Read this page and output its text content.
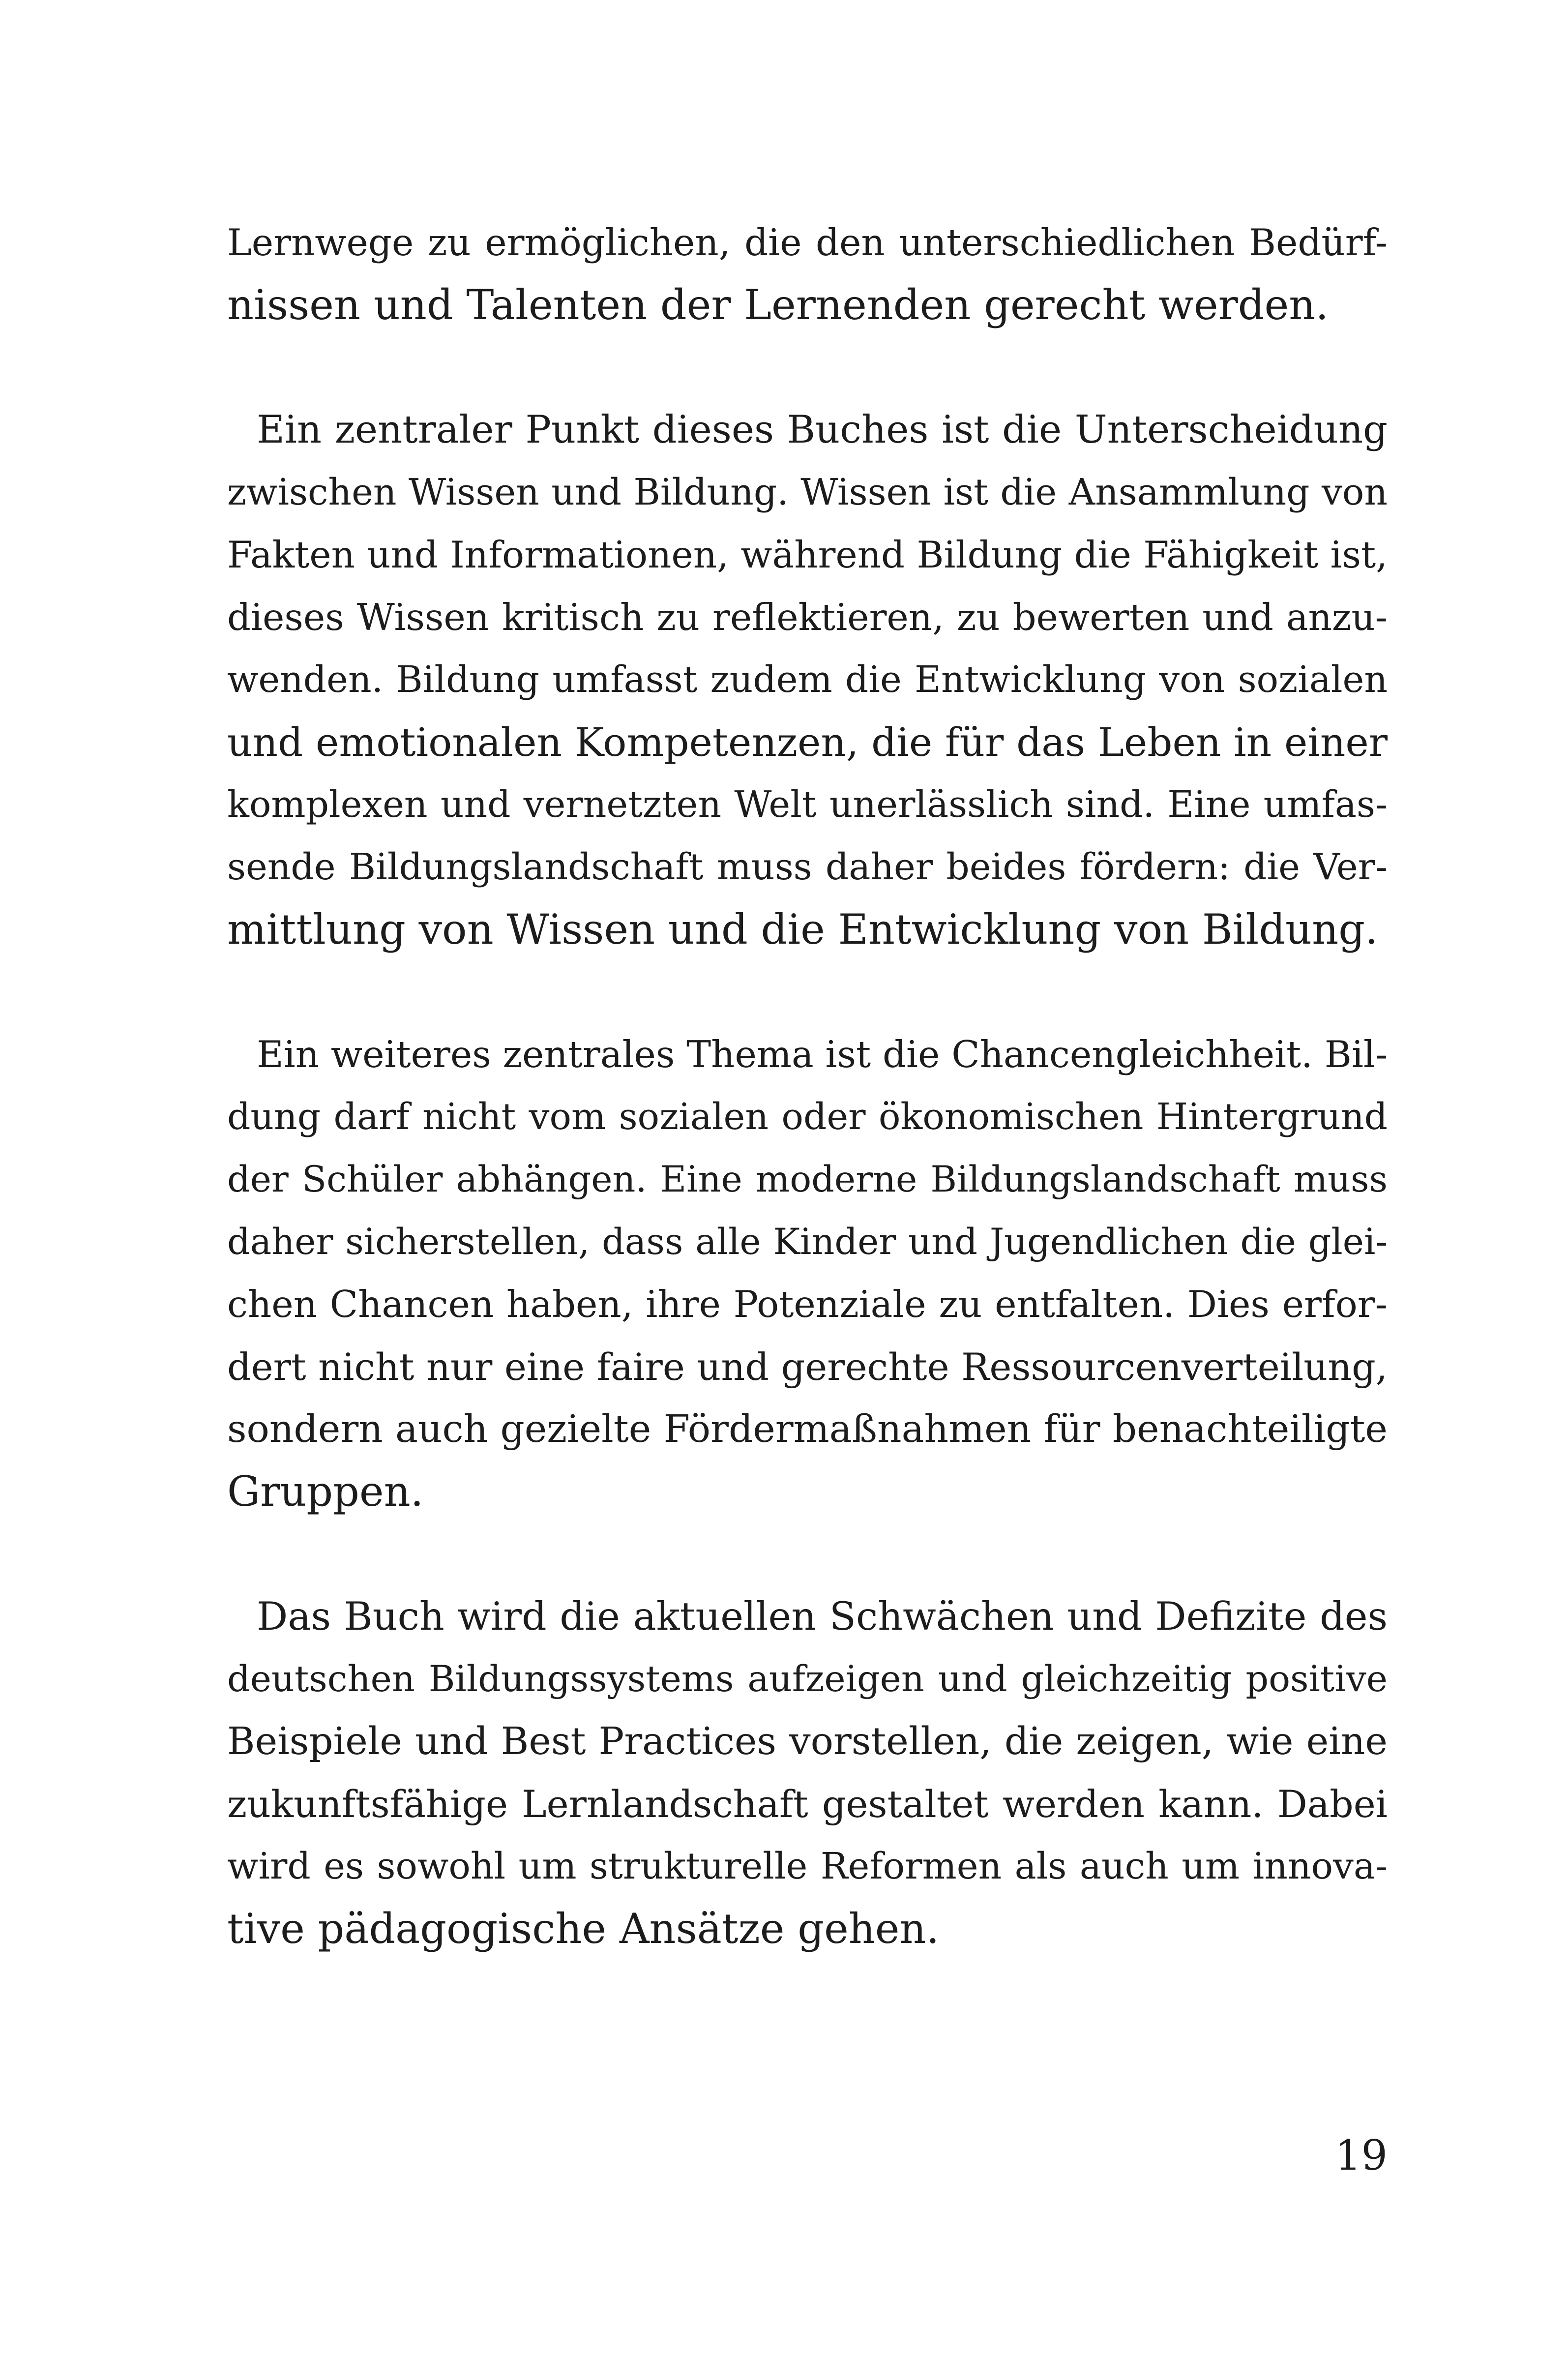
Lernwege zu ermöglichen, die den unterschiedlichen Bedürf-
nissen und Talenten der Lernenden gerecht werden.
Ein zentraler Punkt dieses Buches ist die Unterscheidung
zwischen Wissen und Bildung. Wissen ist die Ansammlung von
Fakten und Informationen, während Bildung die Fähigkeit ist,
dieses Wissen kritisch zu reflektieren, zu bewerten und anzu-
wenden. Bildung umfasst zudem die Entwicklung von sozialen
und emotionalen Kompetenzen, die für das Leben in einer
komplexen und vernetzten Welt unerlässlich sind. Eine umfas-
sende Bildungslandschaft muss daher beides fördern: die Ver-
mittlung von Wissen und die Entwicklung von Bildung.
Ein weiteres zentrales Thema ist die Chancengleichheit. Bil-
dung darf nicht vom sozialen oder ökonomischen Hintergrund
der Schüler abhängen. Eine moderne Bildungslandschaft muss
daher sicherstellen, dass alle Kinder und Jugendlichen die glei-
chen Chancen haben, ihre Potenziale zu entfalten. Dies erfor-
dert nicht nur eine faire und gerechte Ressourcenverteilung,
sondern auch gezielte Fördermaßnahmen für benachteiligte
Gruppen.
Das Buch wird die aktuellen Schwächen und Defizite des
deutschen Bildungssystems aufzeigen und gleichzeitig positive
Beispiele und Best Practices vorstellen, die zeigen, wie eine
zukunftsfähige Lernlandschaft gestaltet werden kann. Dabei
wird es sowohl um strukturelle Reformen als auch um innova-
tive pädagogische Ansätze gehen.
19
